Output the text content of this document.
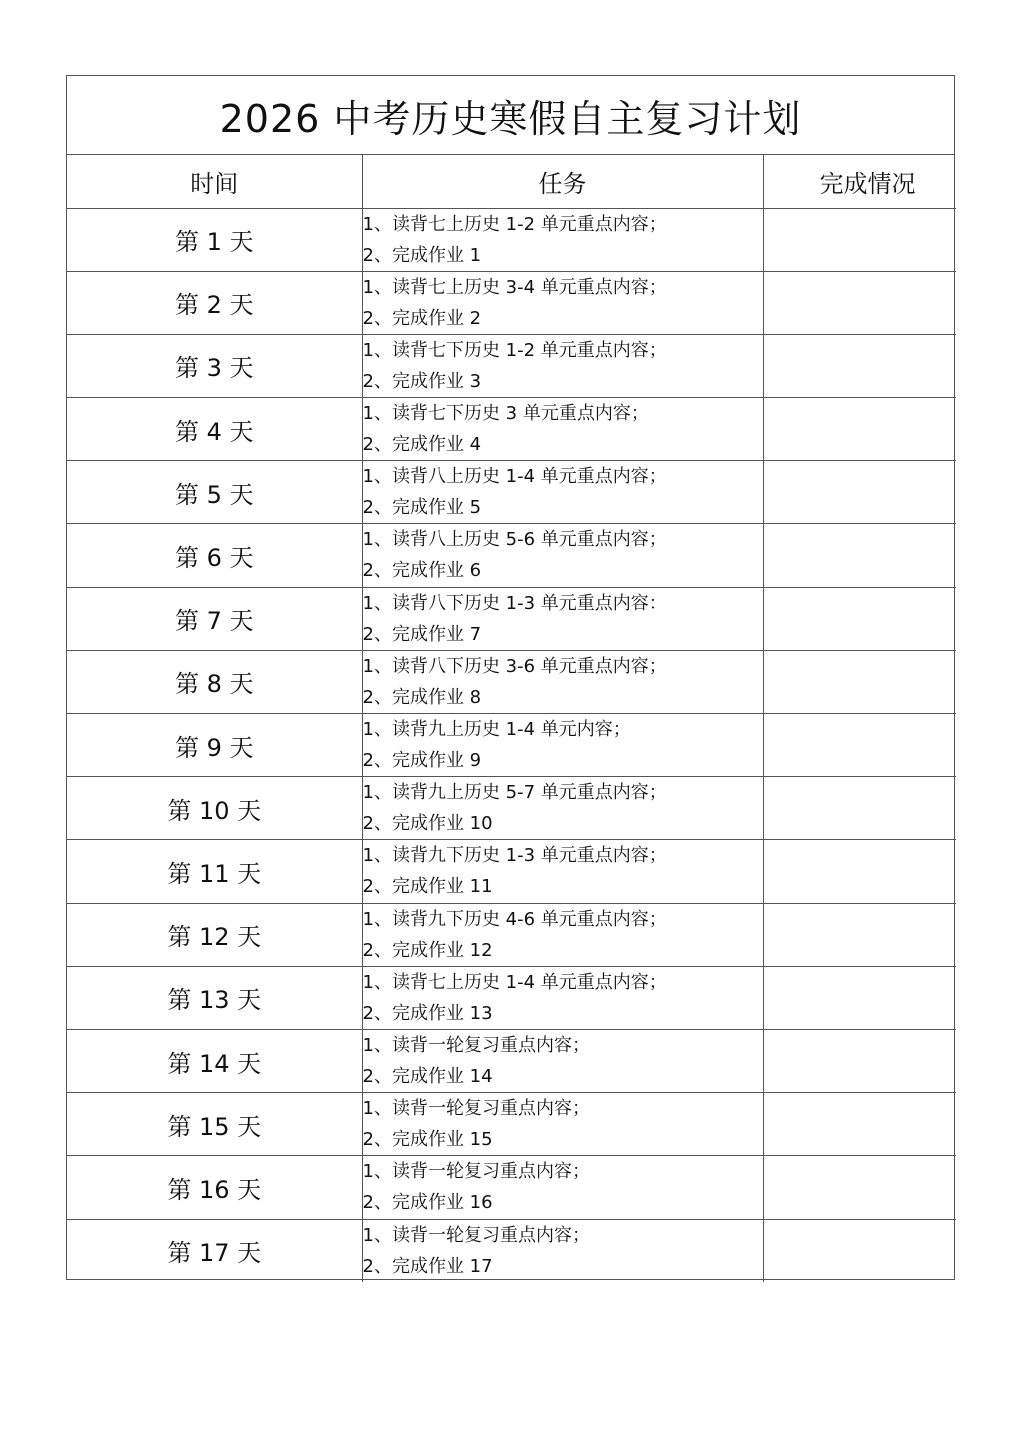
2026 中考历史寒假自主复习计划
时间	任务	完成情况
第 1 天	1、读背七上历史 1-2 单元重点内容；
2、完成作业 1	

第 2 天	1、读背七上历史 3-4 单元重点内容；
2、完成作业 2	

第 3 天	1、读背七下历史 1-2 单元重点内容；
2、完成作业 3	

第 4 天	1、读背七下历史 3 单元重点内容；
2、完成作业 4	

第 5 天	1、读背八上历史 1-4 单元重点内容；
2、完成作业 5	

第 6 天	1、读背八上历史 5-6 单元重点内容；
2、完成作业 6	

第 7 天	1、读背八下历史 1-3 单元重点内容：
2、完成作业 7	

第 8 天	1、读背八下历史 3-6 单元重点内容；
2、完成作业 8	

第 9 天	1、读背九上历史 1-4 单元内容；
2、完成作业 9	

第 10 天	1、读背九上历史 5-7 单元重点内容；
2、完成作业 10	

第 11 天	1、读背九下历史 1-3 单元重点内容；
2、完成作业 11	

第 12 天	1、读背九下历史 4-6 单元重点内容；
2、完成作业 12	

第 13 天	1、读背七上历史 1-4 单元重点内容；
2、完成作业 13	

第 14 天	1、读背一轮复习重点内容；
2、完成作业 14	

第 15 天	1、读背一轮复习重点内容；
2、完成作业 15	

第 16 天	1、读背一轮复习重点内容；
2、完成作业 16	

第 17 天	1、读背一轮复习重点内容；
2、完成作业 17	
